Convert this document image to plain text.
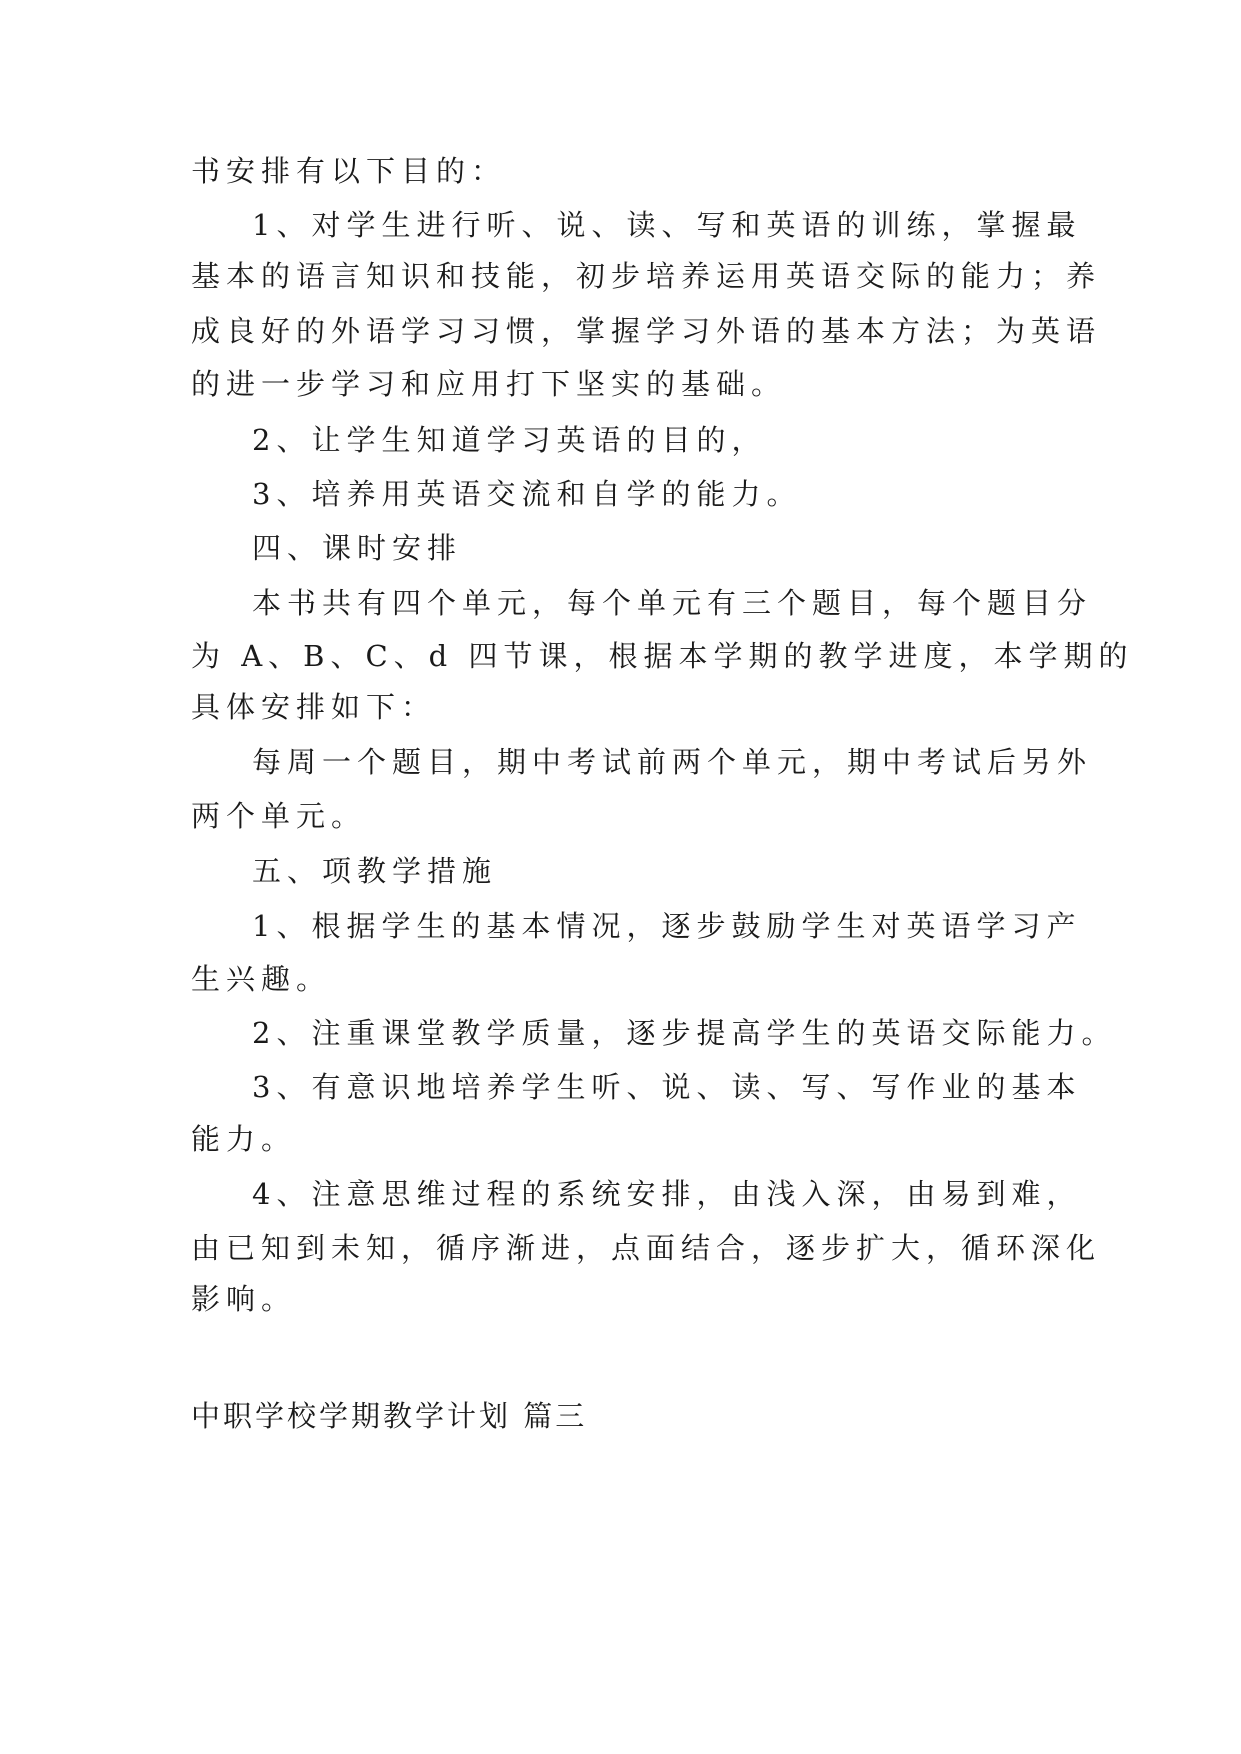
书安排有以下目的：

1、对学生进行听、说、读、写和英语的训练，掌握最

基本的语言知识和技能，初步培养运用英语交际的能力；养

成良好的外语学习习惯，掌握学习外语的基本方法；为英语

的进一步学习和应用打下坚实的基础。

2、让学生知道学习英语的目的，

3、培养用英语交流和自学的能力。

四、课时安排

本书共有四个单元，每个单元有三个题目，每个题目分

为 A、B、C、d 四节课，根据本学期的教学进度，本学期的

具体安排如下：

每周一个题目，期中考试前两个单元，期中考试后另外

两个单元。

五、项教学措施

1、根据学生的基本情况，逐步鼓励学生对英语学习产

生兴趣。

2、注重课堂教学质量，逐步提高学生的英语交际能力。

3、有意识地培养学生听、说、读、写、写作业的基本

能力。

4、注意思维过程的系统安排，由浅入深，由易到难，

由已知到未知，循序渐进，点面结合，逐步扩大，循环深化

影响。

中职学校学期教学计划 篇三
